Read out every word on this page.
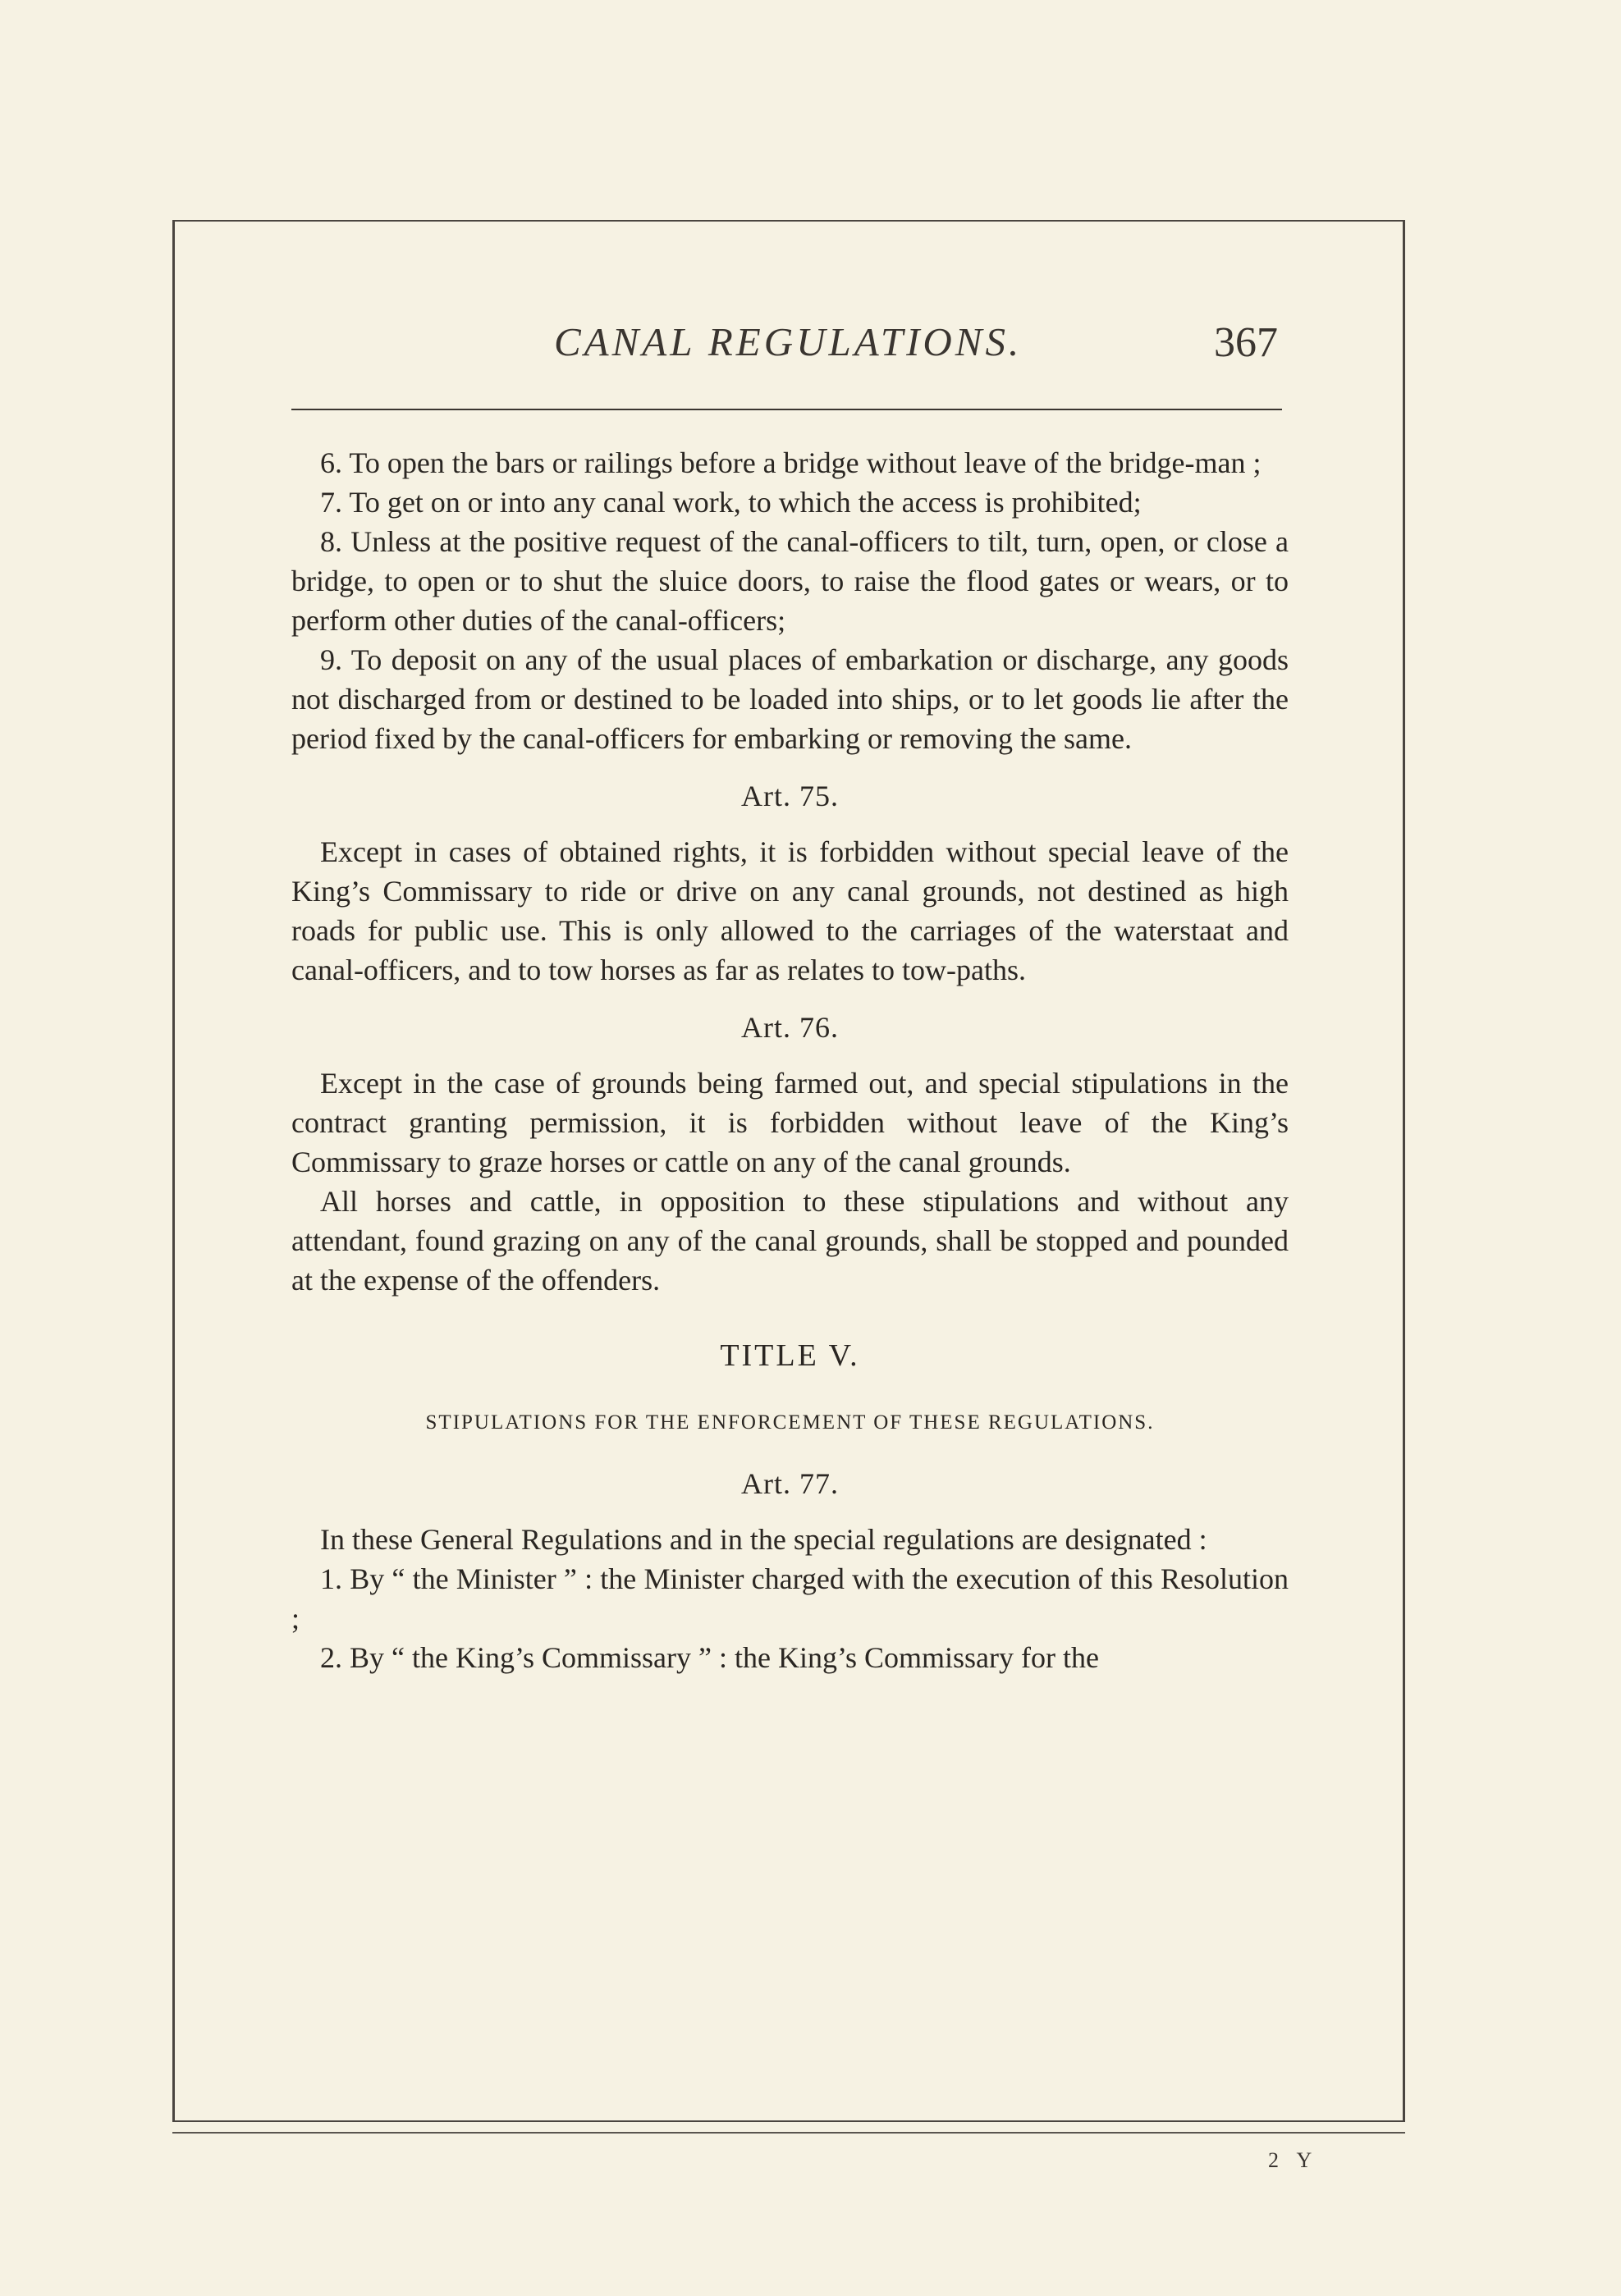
CANAL REGULATIONS.	367

6. To open the bars or railings before a bridge without leave of the bridge-man ;

7. To get on or into any canal work, to which the access is prohibited;

8. Unless at the positive request of the canal-officers to tilt, turn, open, or close a bridge, to open or to shut the sluice doors, to raise the flood gates or wears, or to perform other duties of the canal-officers;

9. To deposit on any of the usual places of embarkation or discharge, any goods not discharged from or destined to be loaded into ships, or to let goods lie after the period fixed by the canal-officers for embarking or removing the same.

Art. 75.

Except in cases of obtained rights, it is forbidden without special leave of the King’s Commissary to ride or drive on any canal grounds, not destined as high roads for public use. This is only allowed to the carriages of the waterstaat and canal-officers, and to tow horses as far as relates to tow-paths.

Art. 76.

Except in the case of grounds being farmed out, and special stipulations in the contract granting permission, it is forbidden without leave of the King’s Commissary to graze horses or cattle on any of the canal grounds.

All horses and cattle, in opposition to these stipulations and without any attendant, found grazing on any of the canal grounds, shall be stopped and pounded at the expense of the offenders.

TITLE V.
STIPULATIONS FOR THE ENFORCEMENT OF THESE REGULATIONS.
Art. 77.

In these General Regulations and in the special regulations are designated :

1. By “ the Minister ” : the Minister charged with the execution of this Resolution ;

2. By “ the King’s Commissary ” : the King’s Commissary for the

2 Y
